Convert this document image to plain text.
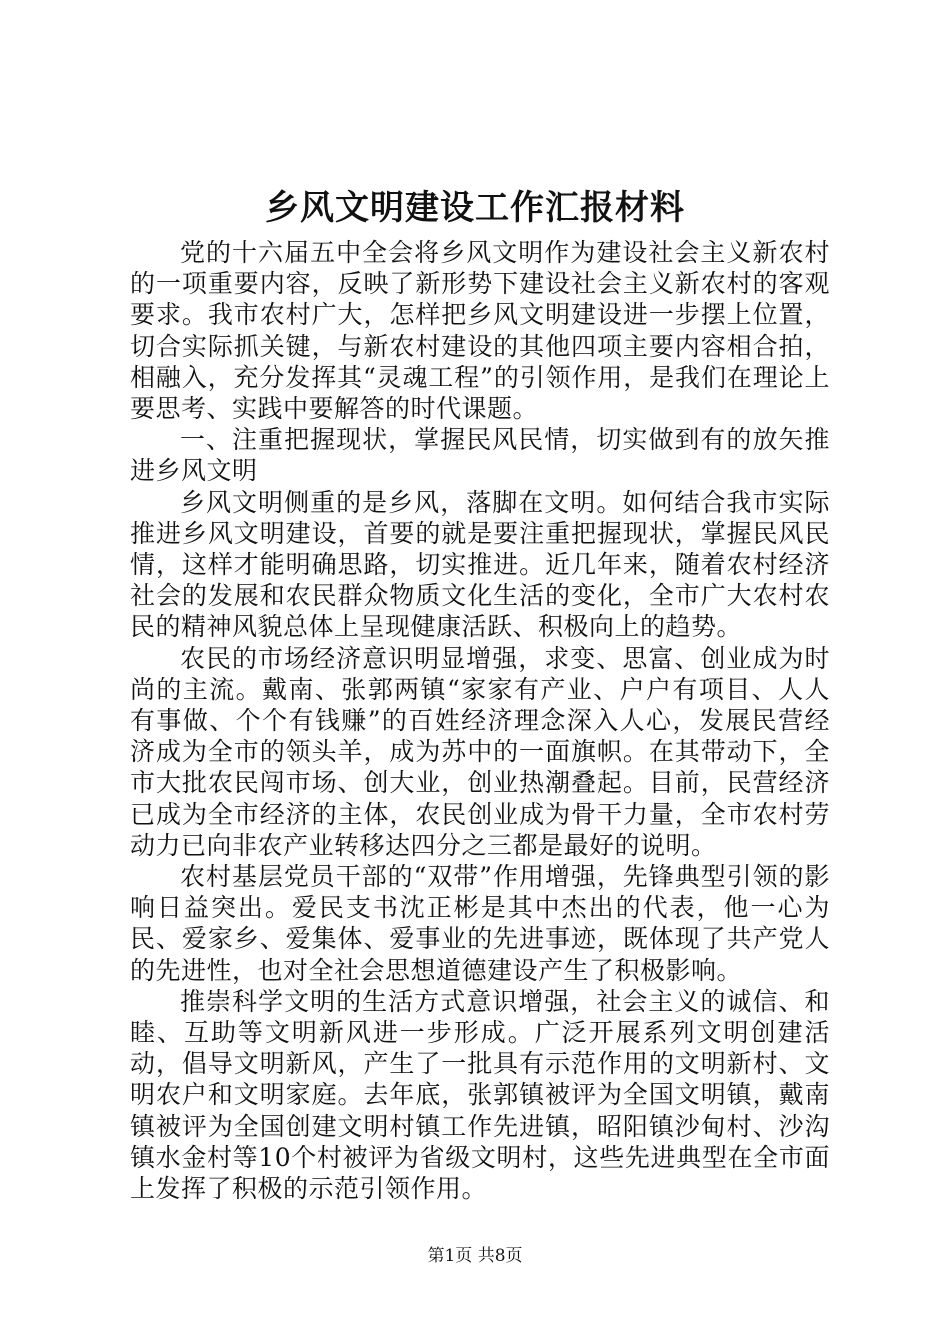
乡风文明建设工作汇报材料

党的十六届五中全会将乡风文明作为建设社会主义新农村的一项重要内容，反映了新形势下建设社会主义新农村的客观要求。我市农村广大，怎样把乡风文明建设进一步摆上位置，切合实际抓关键，与新农村建设的其他四项主要内容相合拍，相融入，充分发挥其“灵魂工程”的引领作用，是我们在理论上要思考、实践中要解答的时代课题。

一、注重把握现状，掌握民风民情，切实做到有的放矢推进乡风文明

乡风文明侧重的是乡风，落脚在文明。如何结合我市实际推进乡风文明建设，首要的就是要注重把握现状，掌握民风民情，这样才能明确思路，切实推进。近几年来，随着农村经济社会的发展和农民群众物质文化生活的变化，全市广大农村农民的精神风貌总体上呈现健康活跃、积极向上的趋势。

农民的市场经济意识明显增强，求变、思富、创业成为时尚的主流。戴南、张郭两镇“家家有产业、户户有项目、人人有事做、个个有钱赚”的百姓经济理念深入人心，发展民营经济成为全市的领头羊，成为苏中的一面旗帜。在其带动下，全市大批农民闯市场、创大业，创业热潮叠起。目前，民营经济已成为全市经济的主体，农民创业成为骨干力量，全市农村劳动力已向非农产业转移达四分之三都是最好的说明。

农村基层党员干部的“双带”作用增强，先锋典型引领的影响日益突出。爱民支书沈正彬是其中杰出的代表，他一心为民、爱家乡、爱集体、爱事业的先进事迹，既体现了共产党人的先进性，也对全社会思想道德建设产生了积极影响。

推崇科学文明的生活方式意识增强，社会主义的诚信、和睦、互助等文明新风进一步形成。广泛开展系列文明创建活动，倡导文明新风，产生了一批具有示范作用的文明新村、文明农户和文明家庭。去年底，张郭镇被评为全国文明镇，戴南镇被评为全国创建文明村镇工作先进镇，昭阳镇沙甸村、沙沟镇水金村等10个村被评为省级文明村，这些先进典型在全市面上发挥了积极的示范引领作用。

第1页 共8页
